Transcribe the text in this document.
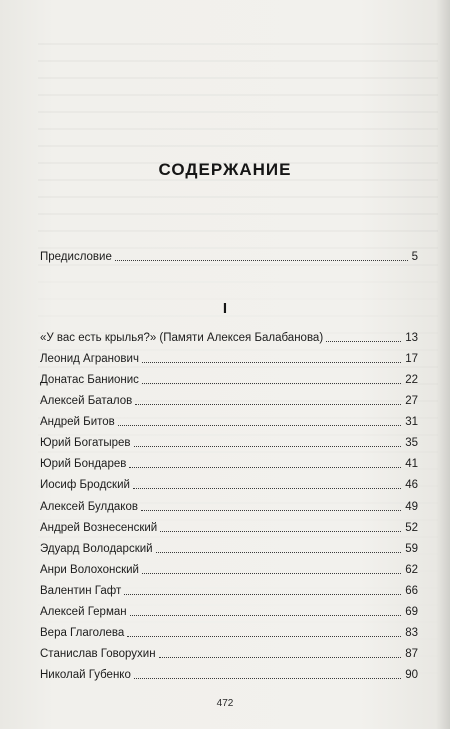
СОДЕРЖАНИЕ
Предисловие	5
I
«У вас есть крылья?» (Памяти Алексея Балабанова)	13
Леонид Агранович	17
Донатас Банионис	22
Алексей Баталов	27
Андрей Битов	31
Юрий Богатырев	35
Юрий Бондарев	41
Иосиф Бродский	46
Алексей Булдаков	49
Андрей Вознесенский	52
Эдуард Володарский	59
Анри Волохонский	62
Валентин Гафт	66
Алексей Герман	69
Вера Глаголева	83
Станислав Говорухин	87
Николай Губенко	90
472
